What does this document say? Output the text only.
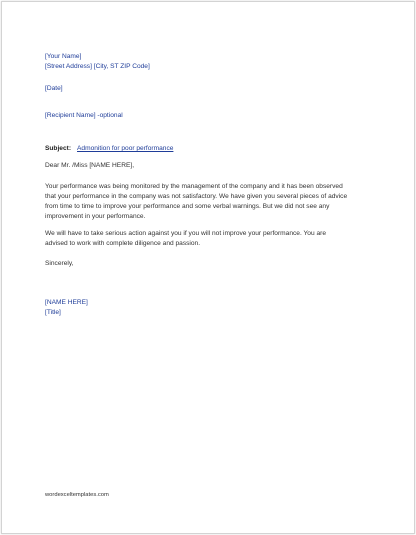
[Your Name]
[Street Address] [City, ST ZIP Code]
[Date]
[Recipient Name] -optional
Subject: Admonition for poor performance
Dear Mr. /Miss [NAME HERE],
Your performance was being monitored by the management of the company and it has been observed
that your performance in the company was not satisfactory. We have given you several pieces of advice
from time to time to improve your performance and some verbal warnings. But we did not see any
improvement in your performance.
We will have to take serious action against you if you will not improve your performance. You are
advised to work with complete diligence and passion.
Sincerely,
[NAME HERE]
[Title]
wordexceltemplates.com
